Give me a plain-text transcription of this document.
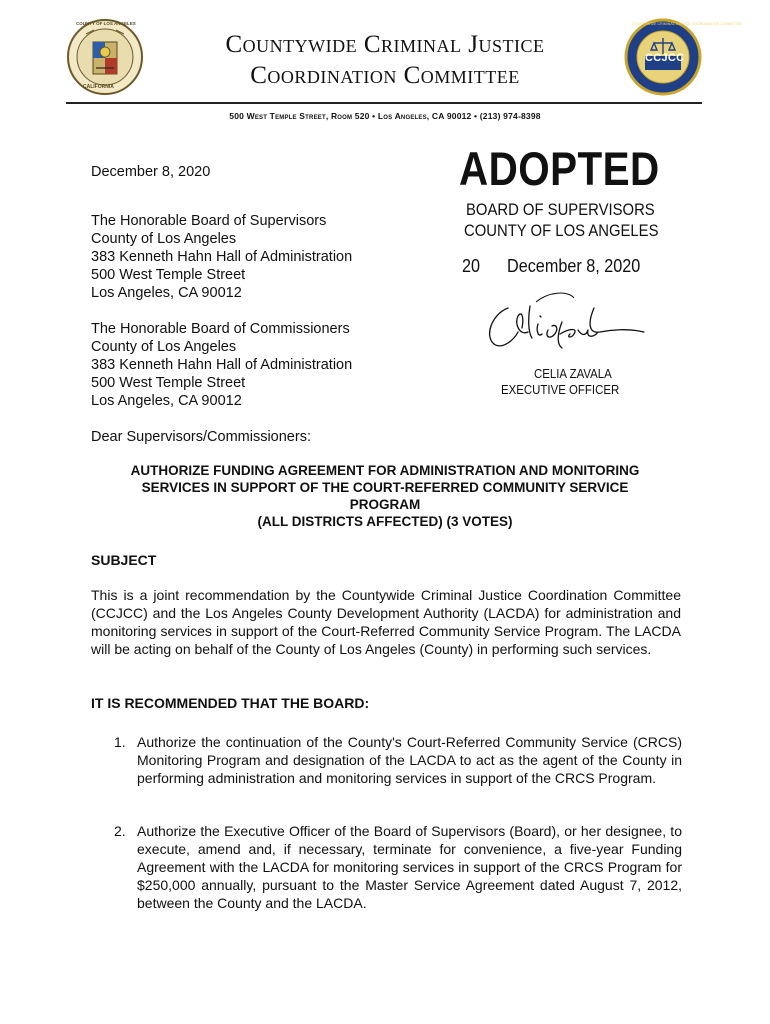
CALIFORNIA
COUNTY OF LOS ANGELES
Countywide Criminal Justice
Coordination Committee
CCJCC
COUNTYWIDE CRIMINAL JUSTICE COORDINATION COMMITTEE
500 West Temple Street, Room 520 • Los Angeles, CA 90012 • (213) 974-8398
December 8, 2020	ADOPTED
BOARD OF SUPERVISORS
COUNTY OF LOS ANGELES
20 December 8, 2020
CELIA ZAVALA
EXECUTIVE OFFICER
The Honorable Board of Supervisors
County of Los Angeles
383 Kenneth Hahn Hall of Administration
500 West Temple Street
Los Angeles, CA 90012
The Honorable Board of Commissioners
County of Los Angeles
383 Kenneth Hahn Hall of Administration
500 West Temple Street
Los Angeles, CA 90012
Dear Supervisors/Commissioners:
AUTHORIZE FUNDING AGREEMENT FOR ADMINISTRATION AND MONITORING
SERVICES IN SUPPORT OF THE COURT-REFERRED COMMUNITY SERVICE
PROGRAM
(ALL DISTRICTS AFFECTED) (3 VOTES)
SUBJECT
This is a joint recommendation by the Countywide Criminal Justice Coordination Committee (CCJCC) and the Los Angeles County Development Authority (LACDA) for administration and monitoring services in support of the Court-Referred Community Service Program. The LACDA will be acting on behalf of the County of Los Angeles (County) in performing such services.
IT IS RECOMMENDED THAT THE BOARD:
1. Authorize the continuation of the County's Court-Referred Community Service (CRCS) Monitoring Program and designation of the LACDA to act as the agent of the County in performing administration and monitoring services in support of the CRCS Program.
2. Authorize the Executive Officer of the Board of Supervisors (Board), or her designee, to execute, amend and, if necessary, terminate for convenience, a five-year Funding Agreement with the LACDA for monitoring services in support of the CRCS Program for $250,000 annually, pursuant to the Master Service Agreement dated August 7, 2012, between the County and the LACDA.
